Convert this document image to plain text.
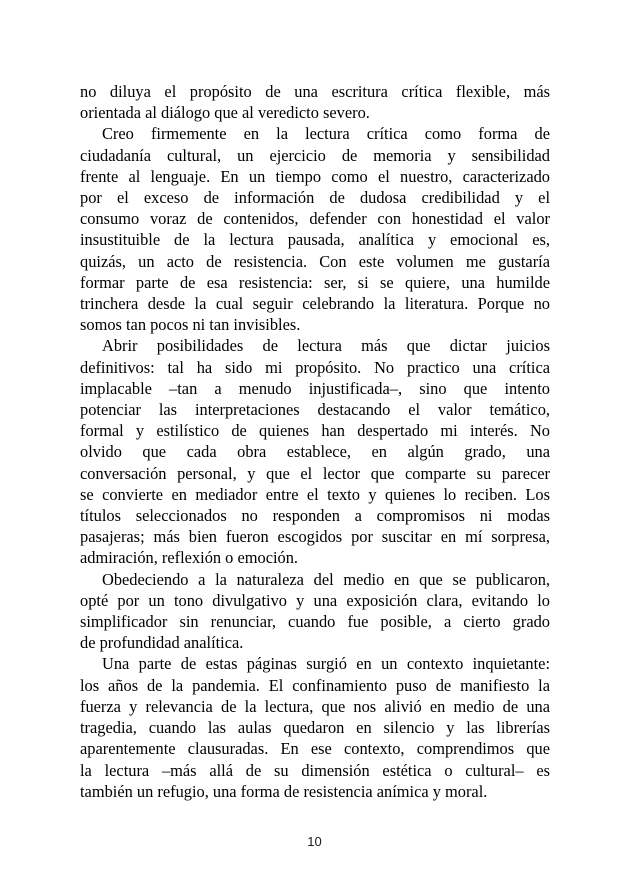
no diluya el propósito de una escritura crítica flexible, más
orientada al diálogo que al veredicto severo.
Creo firmemente en la lectura crítica como forma de
ciudadanía cultural, un ejercicio de memoria y sensibilidad
frente al lenguaje. En un tiempo como el nuestro, caracterizado
por el exceso de información de dudosa credibilidad y el
consumo voraz de contenidos, defender con honestidad el valor
insustituible de la lectura pausada, analítica y emocional es,
quizás, un acto de resistencia. Con este volumen me gustaría
formar parte de esa resistencia: ser, si se quiere, una humilde
trinchera desde la cual seguir celebrando la literatura. Porque no
somos tan pocos ni tan invisibles.
Abrir posibilidades de lectura más que dictar juicios
definitivos: tal ha sido mi propósito. No practico una crítica
implacable –tan a menudo injustificada–, sino que intento
potenciar las interpretaciones destacando el valor temático,
formal y estilístico de quienes han despertado mi interés. No
olvido que cada obra establece, en algún grado, una
conversación personal, y que el lector que comparte su parecer
se convierte en mediador entre el texto y quienes lo reciben. Los
títulos seleccionados no responden a compromisos ni modas
pasajeras; más bien fueron escogidos por suscitar en mí sorpresa,
admiración, reflexión o emoción.
Obedeciendo a la naturaleza del medio en que se publicaron,
opté por un tono divulgativo y una exposición clara, evitando lo
simplificador sin renunciar, cuando fue posible, a cierto grado
de profundidad analítica.
Una parte de estas páginas surgió en un contexto inquietante:
los años de la pandemia. El confinamiento puso de manifiesto la
fuerza y relevancia de la lectura, que nos alivió en medio de una
tragedia, cuando las aulas quedaron en silencio y las librerías
aparentemente clausuradas. En ese contexto, comprendimos que
la lectura –más allá de su dimensión estética o cultural– es
también un refugio, una forma de resistencia anímica y moral.
10
